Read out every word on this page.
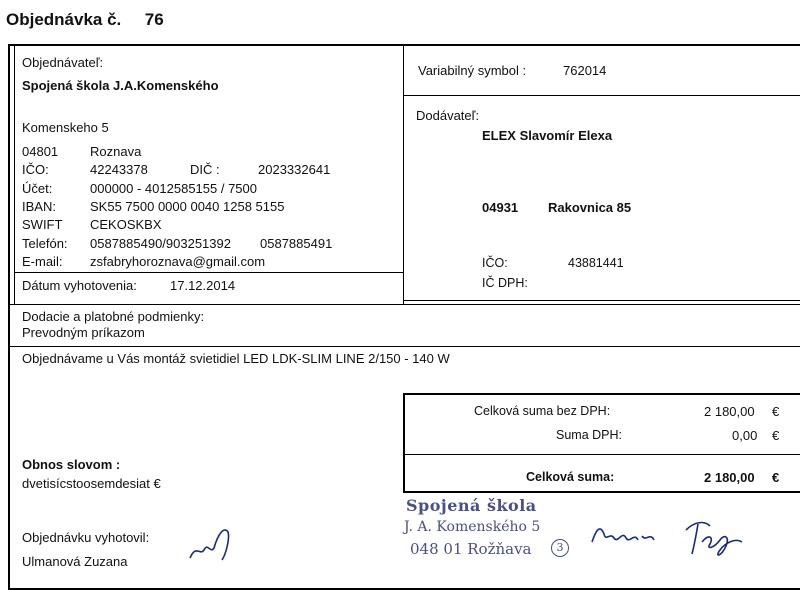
Objednávka č. 76
Objednávateľ:
Spojená škola J.A.Komenského
Komenskeho 5
04801 Roznava
IČO:	42243378	DIČ :	2023332641
Účet:	000000 - 4012585155 / 7500
IBAN:	SK55 7500 0000 0040 1258 5155
SWIFT CEKOSKBX
Telefón: 0587885490/903251392 0587885491
E-mail: zsfabryhoroznava@gmail.com
Dátum vyhotovenia:	17.12.2014
Variabilný symbol :	762014
Dodávateľ:
ELEX Slavomír Elexa
04931 Rakovnica 85
IČO:	43881441
IČ DPH:
Dodacie a platobné podmienky:
Prevodným príkazom
Objednávame u Vás montáž svietidiel LED LDK-SLIM LINE 2/150 - 140 W
Celková suma bez DPH:	2 180,00 €
Suma DPH:	0,00 €
Celková suma:	2 180,00 €
Obnos slovom :
dvetisícstoosemdesiat €
Objednávku vyhotovil:
Ulmanová Zuzana
Spojená škola
J. A. Komenského 5
048 01 Rožňava	3
